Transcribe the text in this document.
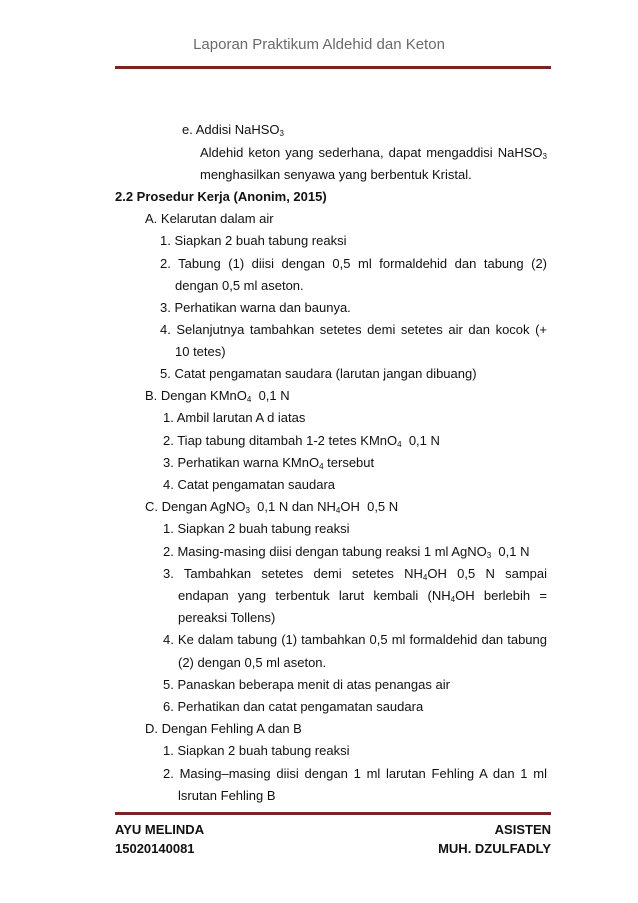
Laporan Praktikum Aldehid dan Keton
e. Addisi NaHSO$_3$
Aldehid keton yang sederhana, dapat mengaddisi NaHSO$_3$
menghasilkan senyawa yang berbentuk Kristal.
2.2 Prosedur Kerja (Anonim, 2015)
A. Kelarutan dalam air
1. Siapkan 2 buah tabung reaksi
2. Tabung (1) diisi dengan 0,5 ml formaldehid dan tabung (2)
dengan 0,5 ml aseton.
3. Perhatikan warna dan baunya.
4. Selanjutnya tambahkan setetes demi setetes air dan kocok (+
10 tetes)
5. Catat pengamatan saudara (larutan jangan dibuang)
B. Dengan KMnO$_4$  0,1 N
1. Ambil larutan A d iatas
2. Tiap tabung ditambah 1-2 tetes KMnO$_4$  0,1 N
3. Perhatikan warna KMnO$_4$ tersebut
4. Catat pengamatan saudara
C. Dengan AgNO$_3$  0,1 N dan $NH_4OH$  0,5 N
1. Siapkan 2 buah tabung reaksi
2. Masing-masing diisi dengan tabung reaksi 1 ml AgNO$_3$  0,1 N
3. Tambahkan setetes demi setetes $NH_4OH$ 0,5 N sampai
endapan yang terbentuk larut kembali ($NH_4OH$ berlebih =
pereaksi Tollens)
4. Ke dalam tabung (1) tambahkan 0,5 ml formaldehid dan tabung
(2) dengan 0,5 ml aseton.
5. Panaskan beberapa menit di atas penangas air
6. Perhatikan dan catat pengamatan saudara
D. Dengan Fehling A dan B
1. Siapkan 2 buah tabung reaksi
2. Masing–masing diisi dengan 1 ml larutan Fehling A dan 1 ml
lsrutan Fehling B
AYU MELINDA
15020140081
ASISTEN
MUH. DZULFADLY
